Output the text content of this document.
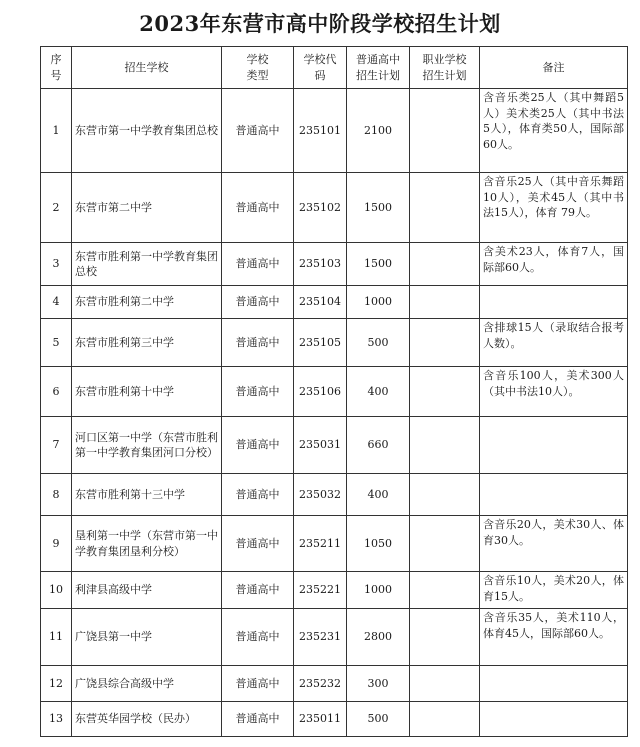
2023年东营市高中阶段学校招生计划
序号	招生学校	学校类型	学校代码	普通高中招生计划	职业学校招生计划	备注
1	东营市第一中学教育集团总校	普通高中	235101	2100		含音乐类25人（其中舞蹈5人）美术类25人（其中书法5人），体育类50人，国际部60人。
2	东营市第二中学	普通高中	235102	1500		含音乐25人（其中音乐舞蹈10人），美术45人（其中书法15人），体育 79人。
3	东营市胜利第一中学教育集团总校	普通高中	235103	1500		含美术23人，体育7人，国际部60人。
4	东营市胜利第二中学	普通高中	235104	1000		
5	东营市胜利第三中学	普通高中	235105	500		含排球15人（录取结合报考人数）。
6	东营市胜利第十中学	普通高中	235106	400		含音乐100人，美术300人（其中书法10人）。
7	河口区第一中学（东营市胜利第一中学教育集团河口分校）	普通高中	235031	660		
8	东营市胜利第十三中学	普通高中	235032	400		
9	垦利第一中学（东营市第一中学教育集团垦利分校）	普通高中	235211	1050		含音乐20人，美术30人、体育30人。
10	利津县高级中学	普通高中	235221	1000		含音乐10人，美术20人，体育15人。
11	广饶县第一中学	普通高中	235231	2800		含音乐35人，美术110人，体育45人，国际部60人。
12	广饶县综合高级中学	普通高中	235232	300		
13	东营英华园学校（民办）	普通高中	235011	500		
